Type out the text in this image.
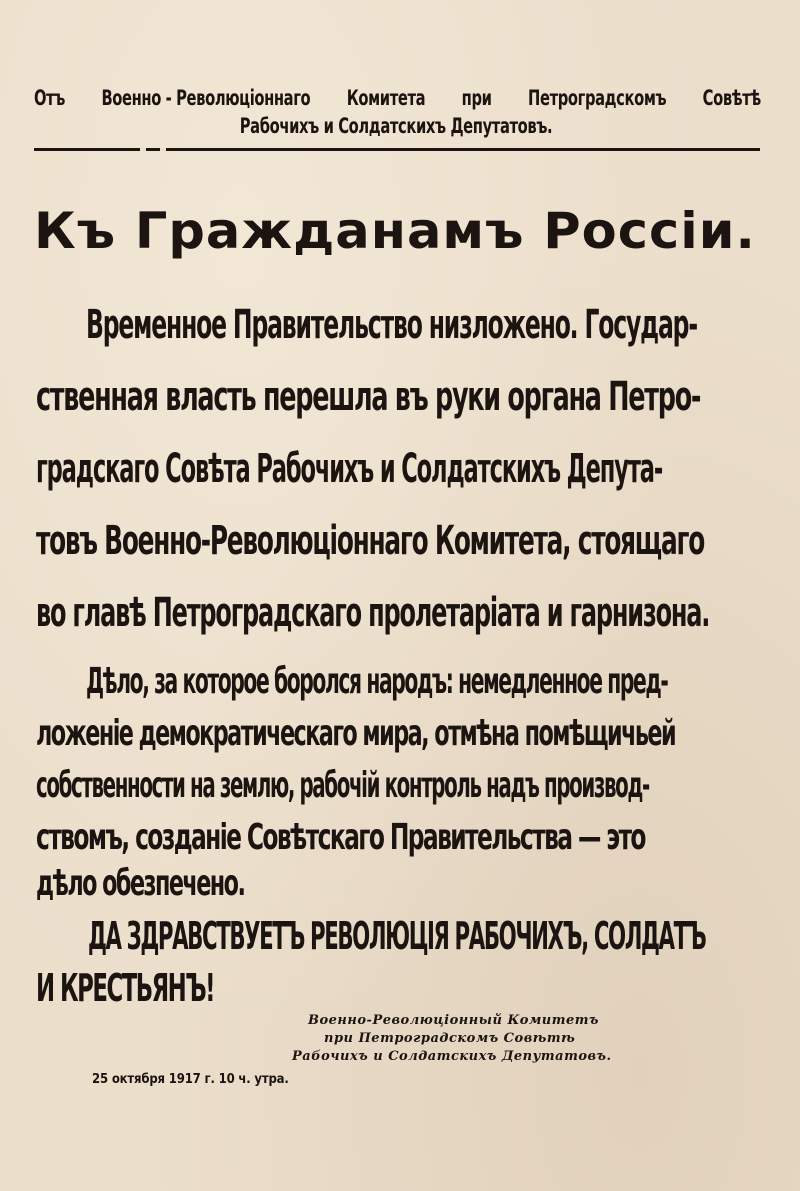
Отъ Военно - Революцiоннаго Комитета при Петроградскомъ Совѣтѣ
Рабочихъ и Солдатскихъ Депутатовъ.
Къ Гражданамъ Россiи.
Временное Правительство низложено. Государ-
ственная власть перешла въ руки органа Петро-
градскаго Совѣта Рабочихъ и Солдатскихъ Депута-
товъ Военно-Революцiоннаго Комитета, стоящаго
во главѣ Петроградскаго пролетарiата и гарнизона.
Дѣло, за которое боролся народъ: немедленное пред-
ложенiе демократическаго мира, отмѣна помѣщичьей
собственности на землю, рабочiй контроль надъ производ-
ствомъ, созданiе Совѣтскаго Правительства — это
дѣло обезпечено.
ДА ЗДРАВСТВУЕТЪ РЕВОЛЮЦIЯ РАБОЧИХЪ, СОЛДАТЪ
И КРЕСТЬЯНЪ!
Военно-Революцiонный Комитетъ
при Петроградскомъ Совѣтѣ
Рабочихъ и Солдатскихъ Депутатовъ.
25 октября 1917 г. 10 ч. утра.
